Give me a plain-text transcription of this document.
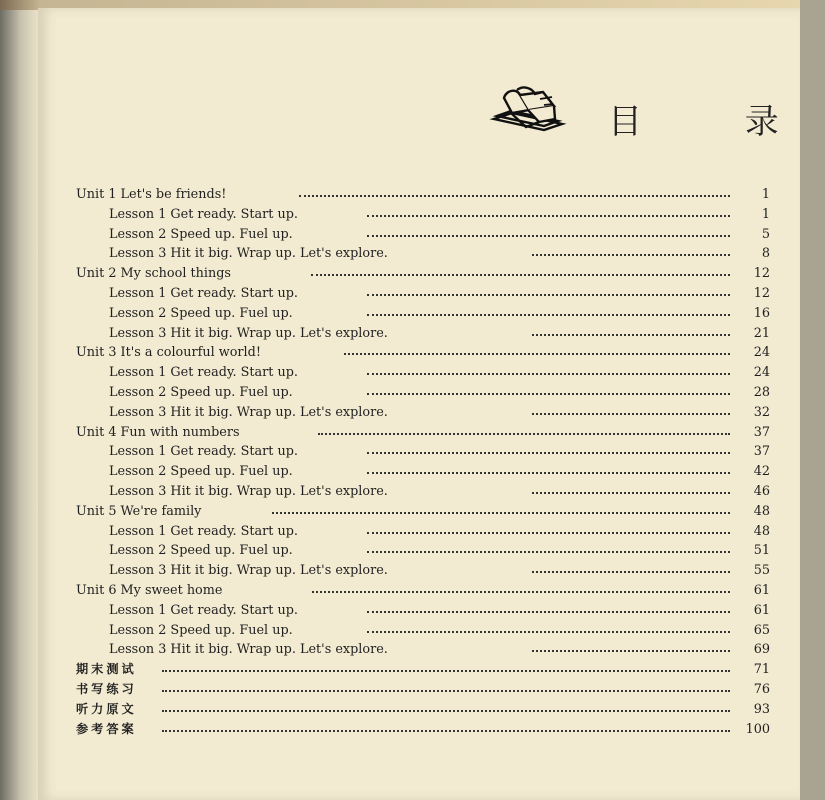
目 录
Unit 1 Let's be friends!	1
Lesson 1 Get ready. Start up.	1
Lesson 2 Speed up. Fuel up.	5
Lesson 3 Hit it big. Wrap up. Let's explore.	8
Unit 2 My school things	12
Lesson 1 Get ready. Start up.	12
Lesson 2 Speed up. Fuel up.	16
Lesson 3 Hit it big. Wrap up. Let's explore.	21
Unit 3 It's a colourful world!	24
Lesson 1 Get ready. Start up.	24
Lesson 2 Speed up. Fuel up.	28
Lesson 3 Hit it big. Wrap up. Let's explore.	32
Unit 4 Fun with numbers	37
Lesson 1 Get ready. Start up.	37
Lesson 2 Speed up. Fuel up.	42
Lesson 3 Hit it big. Wrap up. Let's explore.	46
Unit 5 We're family	48
Lesson 1 Get ready. Start up.	48
Lesson 2 Speed up. Fuel up.	51
Lesson 3 Hit it big. Wrap up. Let's explore.	55
Unit 6 My sweet home	61
Lesson 1 Get ready. Start up.	61
Lesson 2 Speed up. Fuel up.	65
Lesson 3 Hit it big. Wrap up. Let's explore.	69
期末测试	71
书写练习	76
听力原文	93
参考答案	100
